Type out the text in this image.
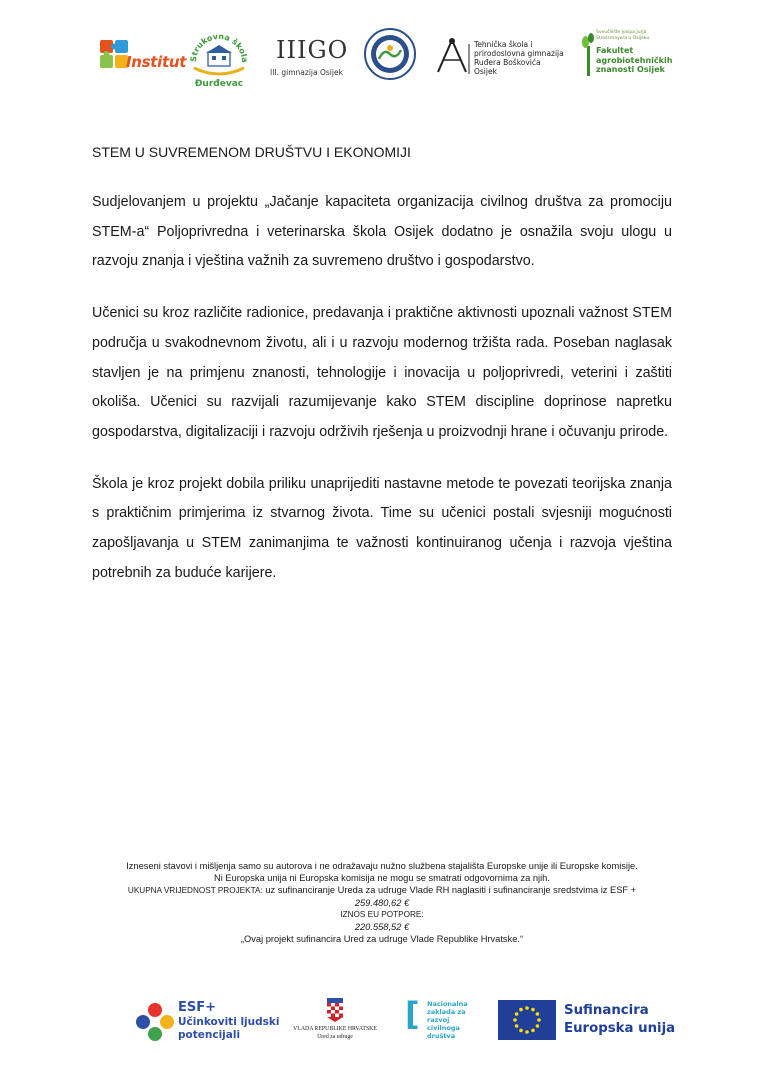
Institut Strukovna škola
Đurđevac
IIIGO
III. gimnazija Osijek
Tehnička škola i
prirodoslovna gimnazija
Ruđera Boškovića
Osijek
Sveučilište Josipa Jurja
Strossmayera u Osijeku
Fakultet
agrobiotehničkih
znanosti Osijek
STEM U SUVREMENOM DRUŠTVU I EKONOMIJI

Sudjelovanjem u projektu „Jačanje kapaciteta organizacija civilnog društva za promociju STEM-a“ Poljoprivredna i veterinarska škola Osijek dodatno je osnažila svoju ulogu u razvoju znanja i vještina važnih za suvremeno društvo i gospodarstvo.

Učenici su kroz različite radionice, predavanja i praktične aktivnosti upoznali važnost STEM područja u svakodnevnom životu, ali i u razvoju modernog tržišta rada. Poseban naglasak stavljen je na primjenu znanosti, tehnologije i inovacija u poljoprivredi, veterini i zaštiti okoliša. Učenici su razvijali razumijevanje kako STEM discipline doprinose napretku gospodarstva, digitalizaciji i razvoju održivih rješenja u proizvodnji hrane i očuvanju prirode.

Škola je kroz projekt dobila priliku unaprijediti nastavne metode te povezati teorijska znanja s praktičnim primjerima iz stvarnog života. Time su učenici postali svjesniji mogućnosti zapošljavanja u STEM zanimanjima te važnosti kontinuiranog učenja i razvoja vještina potrebnih za buduće karijere.

Izneseni stavovi i mišljenja samo su autorova i ne odražavaju nužno službena stajališta Europske unije ili Europske komisije.
Ni Europska unija ni Europska komisija ne mogu se smatrati odgovornima za njih.
UKUPNA VRIJEDNOST PROJEKTA: uz sufinanciranje Ureda za udruge Vlade RH naglasiti i sufinanciranje sredstvima iz ESF +
259.480,62 €
IZNOS EU POTPORE:
220.558,52 €
„Ovaj projekt sufinancira Ured za udruge Vlade Republike Hrvatske.“
ESF+
Učinkoviti ljudski
potencijali	VLADA REPUBLIKE HRVATSKE
Ured za udruge
[ Nacionalna
zaklada za
razvoj
civilnoga
društva
Sufinancira
Europska unija
